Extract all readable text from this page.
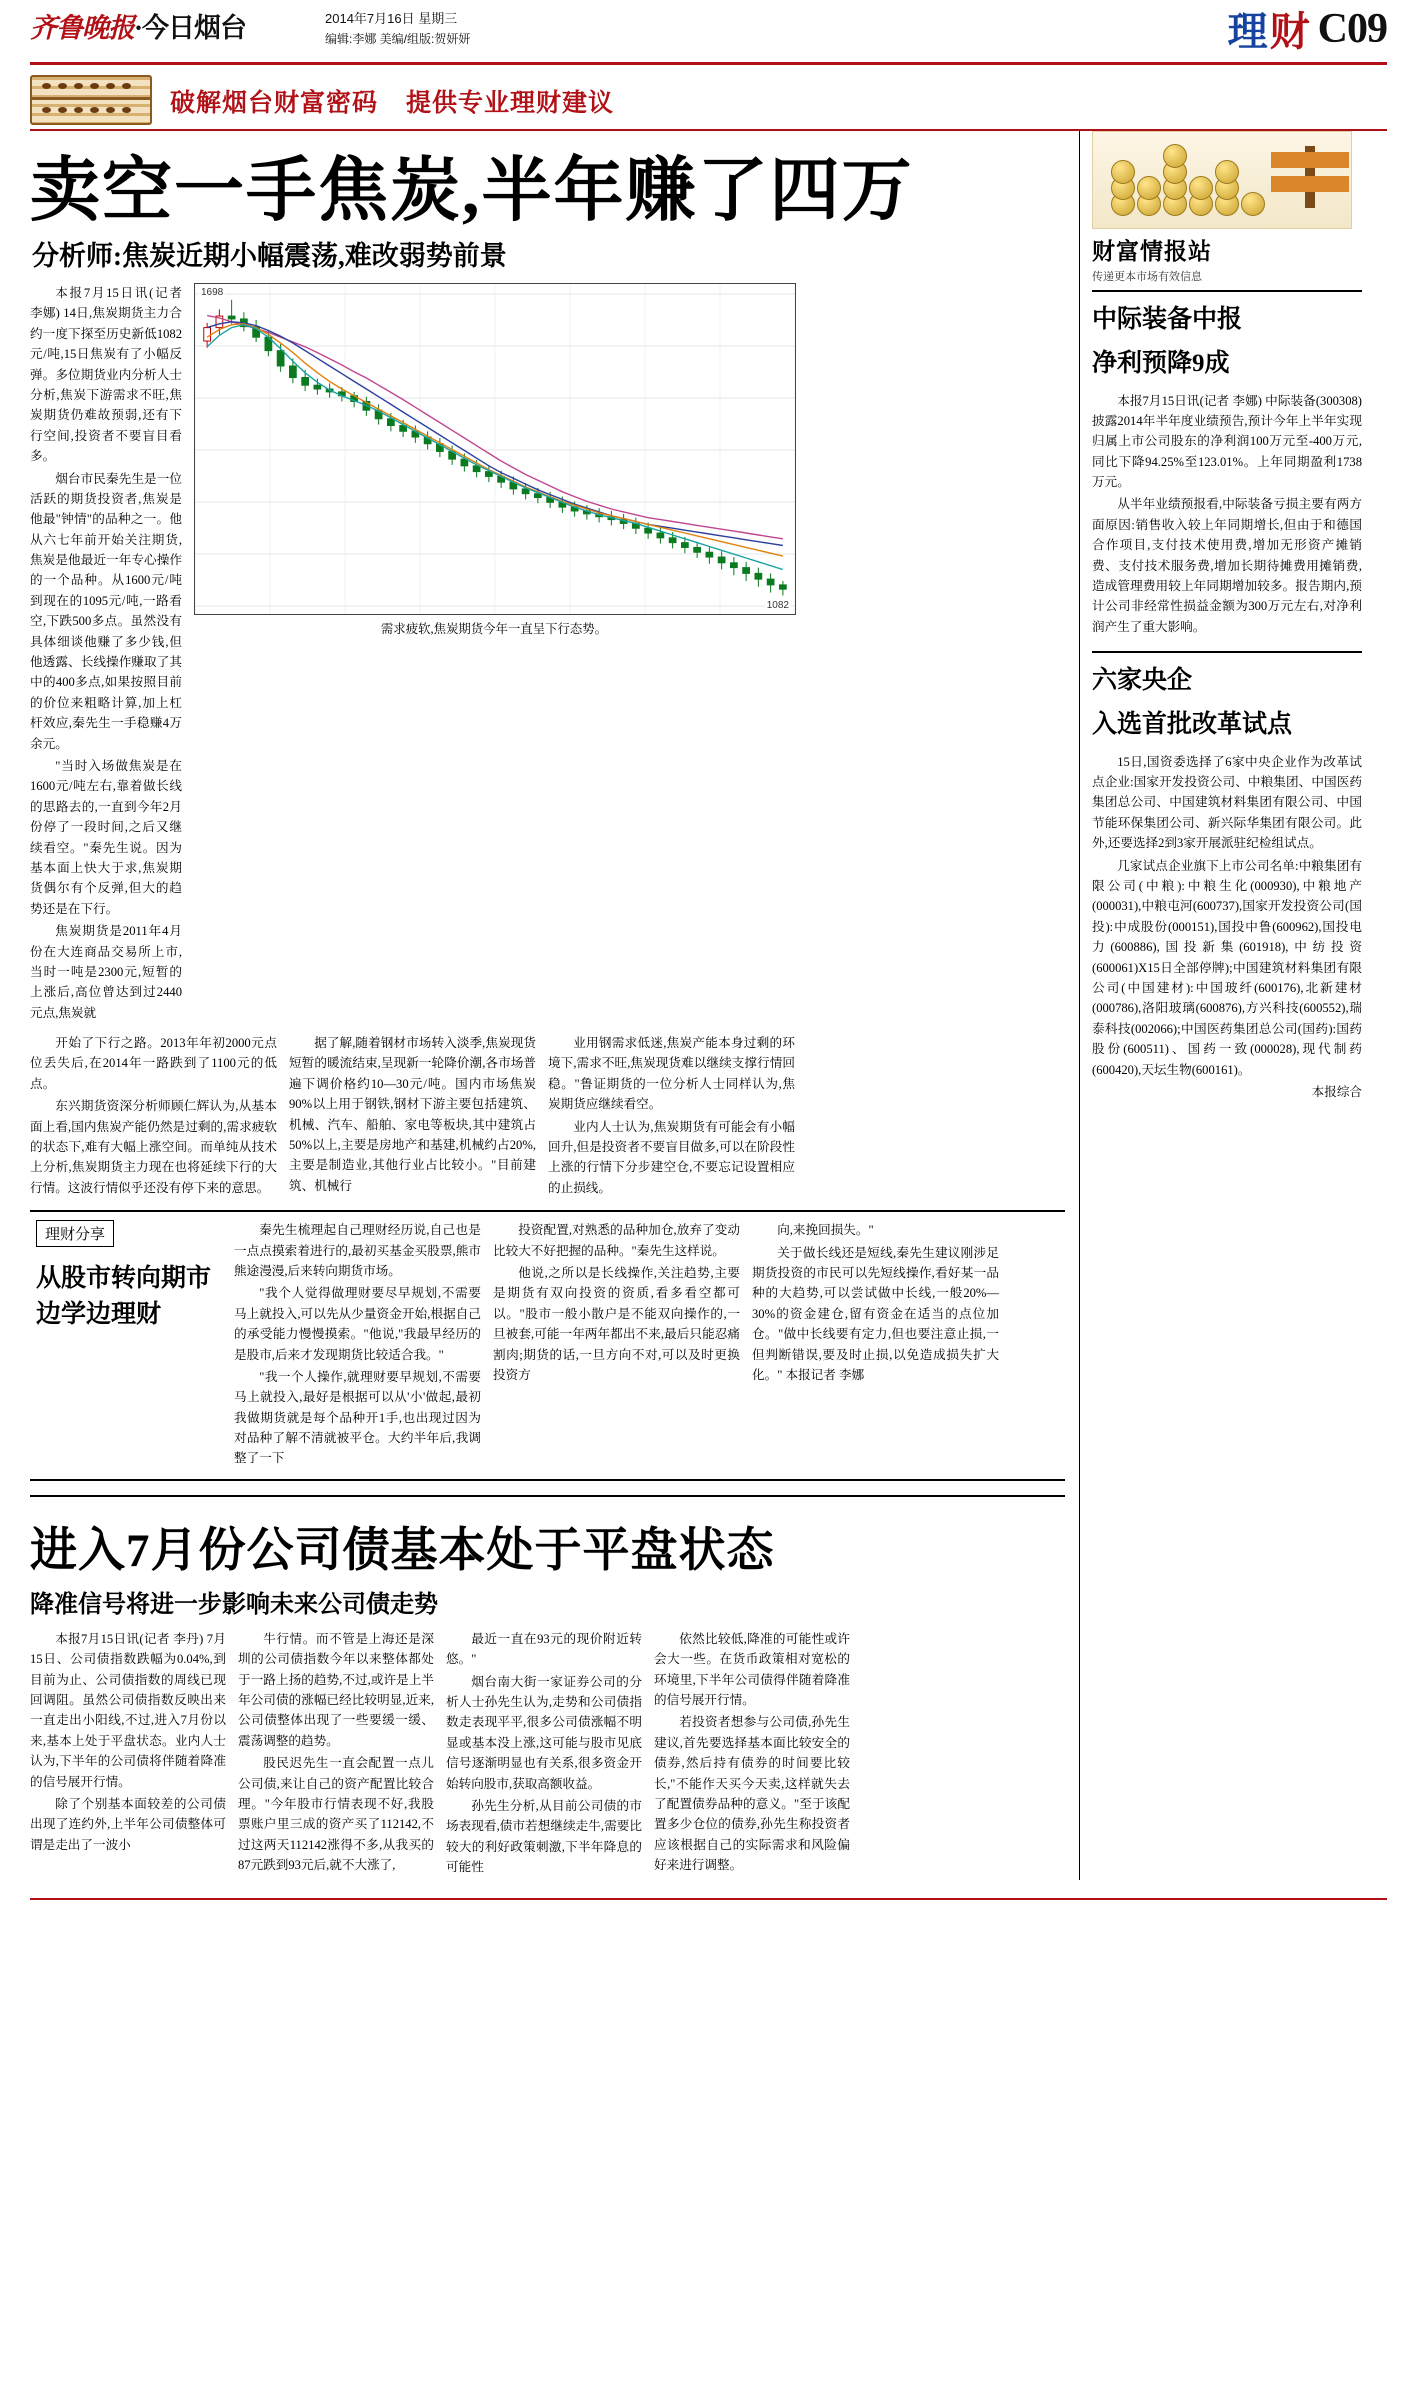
齐鲁晚报·今日烟台	2014年7月16日 星期三
编辑:李娜 美编/组版:贺妍妍	理财 C09
破解烟台财富密码 提供专业理财建议
卖空一手焦炭,半年赚了四万
分析师:焦炭近期小幅震荡,难改弱势前景

本报7月15日讯(记者 李娜) 14日,焦炭期货主力合约一度下探至历史新低1082元/吨,15日焦炭有了小幅反弹。多位期货业内分析人士分析,焦炭下游需求不旺,焦炭期货仍难故预弱,还有下行空间,投资者不要盲目看多。

烟台市民秦先生是一位活跃的期货投资者,焦炭是他最"钟情"的品种之一。他从六七年前开始关注期货,焦炭是他最近一年专心操作的一个品种。从1600元/吨到现在的1095元/吨,一路看空,下跌500多点。虽然没有具体细谈他赚了多少钱,但他透露、长线操作赚取了其中的400多点,如果按照目前的价位来粗略计算,加上杠杆效应,秦先生一手稳赚4万余元。

"当时入场做焦炭是在1600元/吨左右,靠着做长线的思路去的,一直到今年2月份停了一段时间,之后又继续看空。"秦先生说。因为基本面上快大于求,焦炭期货偶尔有个反弹,但大的趋势还是在下行。

焦炭期货是2011年4月份在大连商品交易所上市,当时一吨是2300元,短暂的上涨后,高位曾达到过2440元点,焦炭就

1698
1082
需求疲软,焦炭期货今年一直呈下行态势。

开始了下行之路。2013年年初2000元点位丢失后,在2014年一路跌到了1100元的低点。

东兴期货资深分析师顾仁辉认为,从基本面上看,国内焦炭产能仍然是过剩的,需求疲软的状态下,难有大幅上涨空间。而单纯从技术上分析,焦炭期货主力现在也将延续下行的大行情。这波行情似乎还没有停下来的意思。

据了解,随着钢材市场转入淡季,焦炭现货短暂的暖流结束,呈现新一轮降价潮,各市场普遍下调价格约10—30元/吨。国内市场焦炭90%以上用于钢铁,钢材下游主要包括建筑、机械、汽车、船舶、家电等板块,其中建筑占50%以上,主要是房地产和基建,机械约占20%,主要是制造业,其他行业占比较小。"目前建筑、机械行

业用钢需求低迷,焦炭产能本身过剩的环境下,需求不旺,焦炭现货难以继续支撑行情回稳。"鲁证期货的一位分析人士同样认为,焦炭期货应继续看空。

业内人士认为,焦炭期货有可能会有小幅回升,但是投资者不要盲目做多,可以在阶段性上涨的行情下分步建空仓,不要忘记设置相应的止损线。

理财分享
从股市转向期市
边学边理财

秦先生梳理起自己理财经历说,自己也是一点点摸索着进行的,最初买基金买股票,熊市熊途漫漫,后来转向期货市场。

"我个人觉得做理财要尽早规划,不需要马上就投入,可以先从少量资金开始,根据自己的承受能力慢慢摸索。"他说,"我最早经历的是股市,后来才发现期货比较适合我。"

"我一个人操作,就理财要早规划,不需要马上就投入,最好是根据可以从'小'做起,最初我做期货就是每个品种开1手,也出现过因为对品种了解不清就被平仓。大约半年后,我调整了一下

投资配置,对熟悉的品种加仓,放弃了变动比较大不好把握的品种。"秦先生这样说。

他说,之所以是长线操作,关注趋势,主要是期货有双向投资的资质,看多看空都可以。"股市一般小散户是不能双向操作的,一旦被套,可能一年两年都出不来,最后只能忍痛割肉;期货的话,一旦方向不对,可以及时更换投资方

向,来挽回损失。"

关于做长线还是短线,秦先生建议刚涉足期货投资的市民可以先短线操作,看好某一品种的大趋势,可以尝试做中长线,一般20%—30%的资金建仓,留有资金在适当的点位加仓。"做中长线要有定力,但也要注意止损,一但判断错误,要及时止损,以免造成损失扩大化。" 本报记者 李娜

进入7月份公司债基本处于平盘状态
降准信号将进一步影响未来公司债走势

本报7月15日讯(记者 李丹) 7月15日、公司债指数跌幅为0.04%,到目前为止、公司债指数的周线已现回调阻。虽然公司债指数反映出来一直走出小阳线,不过,进入7月份以来,基本上处于平盘状态。业内人士认为,下半年的公司债将伴随着降准的信号展开行情。

除了个别基本面较差的公司债出现了连约外,上半年公司债整体可谓是走出了一波小

牛行情。而不管是上海还是深圳的公司债指数今年以来整体都处于一路上扬的趋势,不过,或许是上半年公司债的涨幅已经比较明显,近来,公司债整体出现了一些要缓一缓、震荡调整的趋势。

股民迟先生一直会配置一点儿公司债,来让自己的资产配置比较合理。"今年股市行情表现不好,我股票账户里三成的资产买了112142,不过这两天112142涨得不多,从我买的87元跌到93元后,就不大涨了,

最近一直在93元的现价附近转悠。"

烟台南大街一家证券公司的分析人士孙先生认为,走势和公司债指数走表现平平,很多公司债涨幅不明显或基本没上涨,这可能与股市见底信号逐渐明显也有关系,很多资金开始转向股市,获取高额收益。

孙先生分析,从目前公司债的市场表现看,债市若想继续走牛,需要比较大的利好政策刺激,下半年降息的可能性

依然比较低,降准的可能性或许会大一些。在货币政策相对宽松的环境里,下半年公司债得伴随着降准的信号展开行情。

若投资者想参与公司债,孙先生建议,首先要选择基本面比较安全的债券,然后持有债券的时间要比较长,"不能作天买今天卖,这样就失去了配置债券品种的意义。"至于该配置多少仓位的债券,孙先生称投资者应该根据自己的实际需求和风险偏好来进行调整。

财富情报站
传递更本市场有效信息
中际装备中报
净利预降9成

本报7月15日讯(记者 李娜) 中际装备(300308)披露2014年半年度业绩预告,预计今年上半年实现归属上市公司股东的净利润100万元至-400万元,同比下降94.25%至123.01%。上年同期盈利1738万元。

从半年业绩预报看,中际装备亏损主要有两方面原因:销售收入较上年同期增长,但由于和德国合作项目,支付技术使用费,增加无形资产摊销费、支付技术服务费,增加长期待摊费用摊销费,造成管理费用较上年同期增加较多。报告期内,预计公司非经常性损益金额为300万元左右,对净利润产生了重大影响。

六家央企
入选首批改革试点

15日,国资委选择了6家中央企业作为改革试点企业:国家开发投资公司、中粮集团、中国医药集团总公司、中国建筑材料集团有限公司、中国节能环保集团公司、新兴际华集团有限公司。此外,还要选择2到3家开展派驻纪检组试点。

几家试点企业旗下上市公司名单:中粮集团有限公司(中粮):中粮生化(000930),中粮地产(000031),中粮屯河(600737),国家开发投资公司(国投):中成股份(000151),国投中鲁(600962),国投电力(600886),国投新集(601918),中纺投资(600061)X15日全部停牌);中国建筑材料集团有限公司(中国建材):中国玻纤(600176),北新建材(000786),洛阳玻璃(600876),方兴科技(600552),瑞泰科技(002066);中国医药集团总公司(国药):国药股份(600511)、国药一致(000028),现代制药(600420),天坛生物(600161)。

本报综合
